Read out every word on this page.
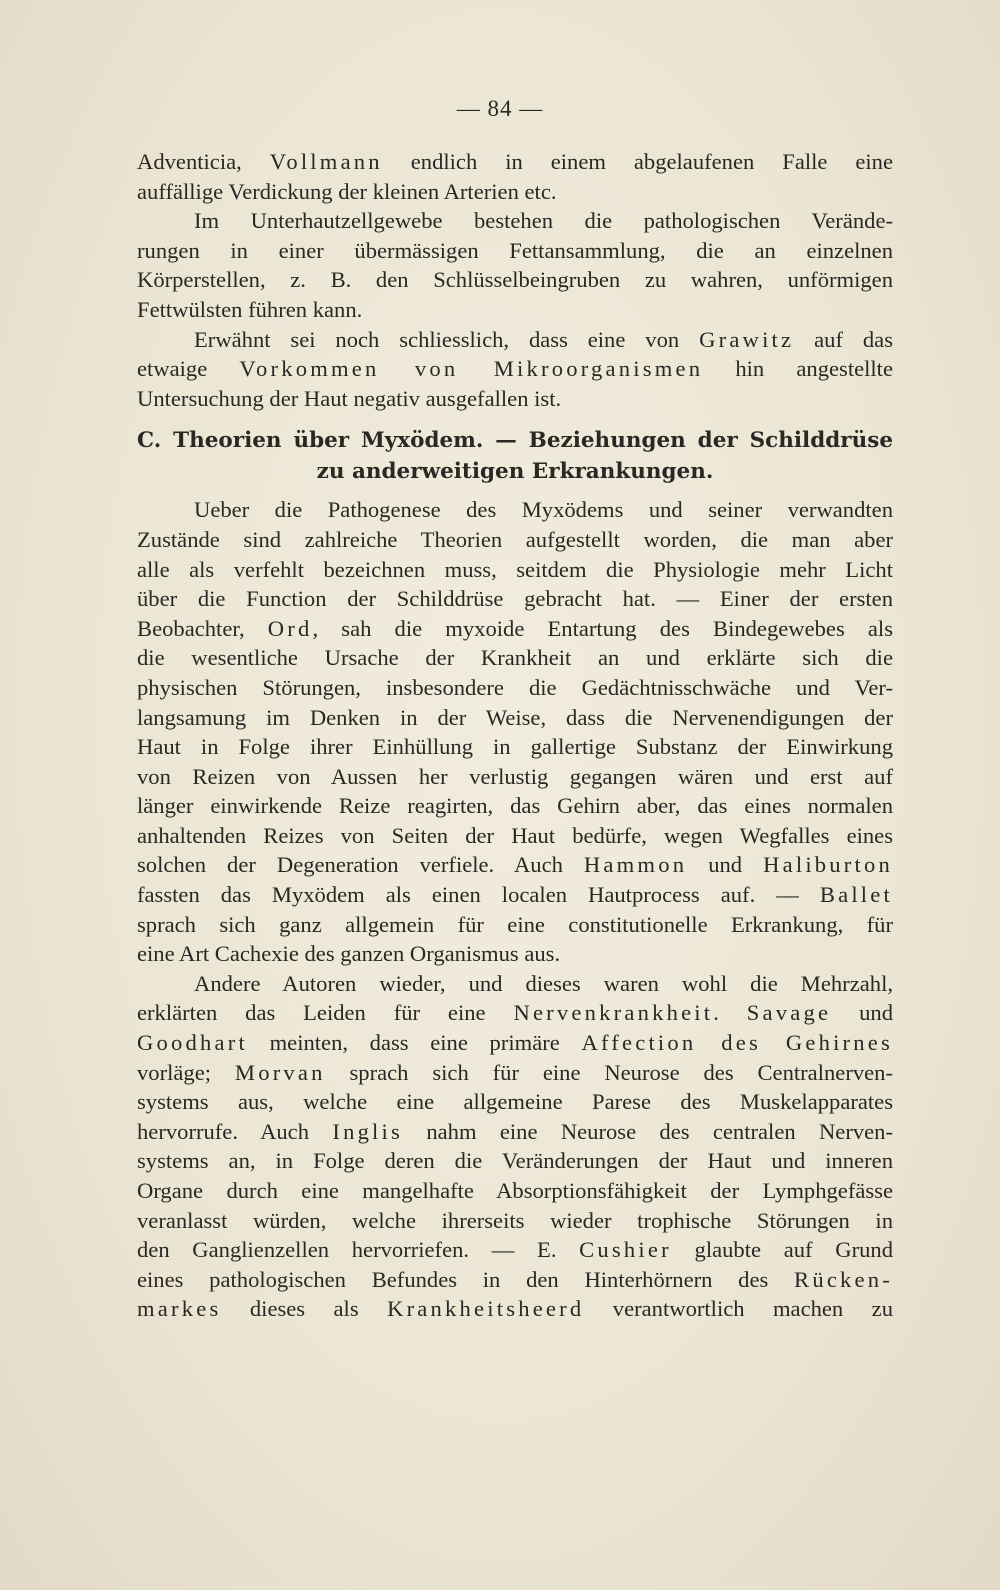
— 84 —
Adventicia, Vollmann endlich in einem abgelaufenen Falle eine
auffällige Verdickung der kleinen Arterien etc.
Im Unterhautzellgewebe bestehen die pathologischen Verände-
rungen in einer übermässigen Fettansammlung, die an einzelnen
Körperstellen, z. B. den Schlüsselbeingruben zu wahren, unförmigen
Fettwülsten führen kann.
Erwähnt sei noch schliesslich, dass eine von Grawitz auf das
etwaige Vorkommen von Mikroorganismen hin angestellte
Untersuchung der Haut negativ ausgefallen ist.
C. Theorien über Myxödem. — Beziehungen der Schilddrüse
zu anderweitigen Erkrankungen.
Ueber die Pathogenese des Myxödems und seiner verwandten
Zustände sind zahlreiche Theorien aufgestellt worden, die man aber
alle als verfehlt bezeichnen muss, seitdem die Physiologie mehr Licht
über die Function der Schilddrüse gebracht hat. — Einer der ersten
Beobachter, Ord, sah die myxoide Entartung des Bindegewebes als
die wesentliche Ursache der Krankheit an und erklärte sich die
physischen Störungen, insbesondere die Gedächtnisschwäche und Ver-
langsamung im Denken in der Weise, dass die Nervenendigungen der
Haut in Folge ihrer Einhüllung in gallertige Substanz der Einwirkung
von Reizen von Aussen her verlustig gegangen wären und erst auf
länger einwirkende Reize reagirten, das Gehirn aber, das eines normalen
anhaltenden Reizes von Seiten der Haut bedürfe, wegen Wegfalles eines
solchen der Degeneration verfiele. Auch Hammon und Haliburton
fassten das Myxödem als einen localen Hautprocess auf. — Ballet
sprach sich ganz allgemein für eine constitutionelle Erkrankung, für
eine Art Cachexie des ganzen Organismus aus.
Andere Autoren wieder, und dieses waren wohl die Mehrzahl,
erklärten das Leiden für eine Nervenkrankheit. Savage und
Goodhart meinten, dass eine primäre Affection des Gehirnes
vorläge; Morvan sprach sich für eine Neurose des Centralnerven-
systems aus, welche eine allgemeine Parese des Muskelapparates
hervorrufe. Auch Inglis nahm eine Neurose des centralen Nerven-
systems an, in Folge deren die Veränderungen der Haut und inneren
Organe durch eine mangelhafte Absorptionsfähigkeit der Lymphgefässe
veranlasst würden, welche ihrerseits wieder trophische Störungen in
den Ganglienzellen hervorriefen. — E. Cushier glaubte auf Grund
eines pathologischen Befundes in den Hinterhörnern des Rücken-
markes dieses als Krankheitsheerd verantwortlich machen zu
